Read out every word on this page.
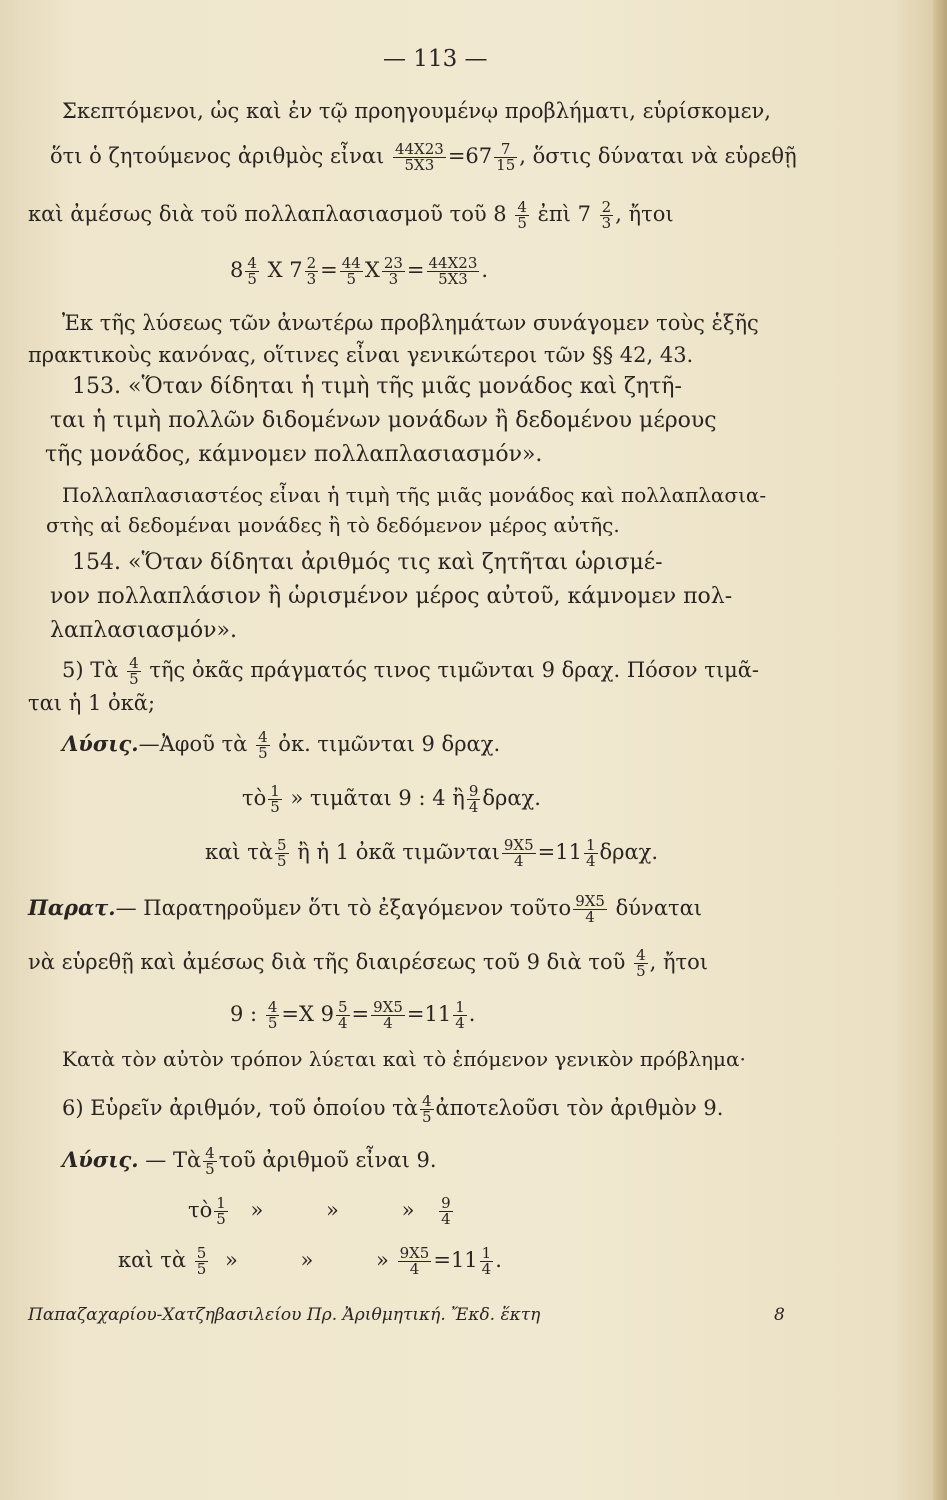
— 113 —
Σκεπτόμενοι, ὡς καὶ ἐν τῷ προηγουμένῳ προβλήματι, εὑρίσκομεν,
ὅτι ὁ ζητούμενος ἀριθμὸς εἶναι $\frac{44X23}{5X3} =67 \frac{7}{15}$ , ὅστις δύναται νὰ εὑρεθῇ
καὶ ἀμέσως διὰ τοῦ πολλαπλασιασμοῦ τοῦ $8 \frac{4}{5}$ ἐπὶ $7 \frac{2}{3}$ , ἤτοι
$8 \frac{4}{5}$ X $7 \frac{2}{3} = \frac{44}{5}$ X $\frac{23}{3} = \frac{44X23}{5X3}$ .
Ἐκ τῆς λύσεως τῶν ἀνωτέρω προβλημάτων συνάγομεν τοὺς ἑξῆς
πρακτικοὺς κανόνας, οἵτινες εἶναι γενικώτεροι τῶν §§ 42, 43.
153. «Ὅταν δίδηται ἡ τιμὴ τῆς μιᾶς μονάδος καὶ ζητῆ-
ται ἡ τιμὴ πολλῶν διδομένων μονάδων ἢ δεδομένου μέρους
τῆς μονάδος, κάμνομεν πολλαπλασιασμόν».
Πολλαπλασιαστέος εἶναι ἡ τιμὴ τῆς μιᾶς μονάδος καὶ πολλαπλασια-
στὴς αἱ δεδομέναι μονάδες ἢ τὸ δεδόμενον μέρος αὐτῆς.
154. «Ὅταν δίδηται ἀριθμός τις καὶ ζητῆται ὡρισμέ-
νον πολλαπλάσιον ἢ ὡρισμένον μέρος αὐτοῦ, κάμνομεν πολ-
λαπλασιασμόν».
5) Τὰ $\frac{4}{5}$ τῆς ὀκᾶς πράγματός τινος τιμῶνται 9 δραχ. Πόσον τιμᾶ-
ται ἡ 1 ὀκᾶ;
Λύσις.—Ἀφοῦ τὰ $\frac{4}{5}$ ὀκ. τιμῶνται 9 δραχ.
τὸ $\frac{1}{5}$ » τιμᾶται 9 : 4 ἢ $\frac{9}{4} \delta\rho\alpha\chi$.
καὶ τὰ $\frac{5}{5}$ ἢ ἡ 1 ὀκᾶ τιμῶνται $\frac{9X5}{4} =11 \frac{1}{4} \delta\rho\alpha\chi$.
Παρατ.— Παρατηροῦμεν ὅτι τὸ ἐξαγόμενον τοῦτο $\frac{9X5}{4}$ δύναται
νὰ εὑρεθῇ καὶ ἀμέσως διὰ τῆς διαιρέσεως τοῦ 9 διὰ τοῦ $\frac{4}{5}$ , ἤτοι
9 : $\frac{4}{5} =X$ $9 \frac{5}{4} = \frac{9X5}{4} =11 \frac{1}{4}$ .
Κατὰ τὸν αὐτὸν τρόπον λύεται καὶ τὸ ἑπόμενον γενικὸν πρόβλημα·
6) Εὑρεῖν ἀριθμόν, τοῦ ὁποίου τὰ $\frac{4}{5}$ ἀποτελοῦσι τὸν ἀριθμὸν 9.
Λύσις. — Τὰ $\frac{4}{5}$ τοῦ ἀριθμοῦ εἶναι 9.
τὸ $\frac{1}{5}$ »	»	» $\frac{9}{4}$
καὶ τὰ $\frac{5}{5}$ »	»	» $\frac{9X5}{4} =11 \frac{1}{4}$ .
Παπαζαχαρίου-Χατζηβασιλείου Πρ. Ἀριθμητική. Ἔκδ. ἕκτη	8
